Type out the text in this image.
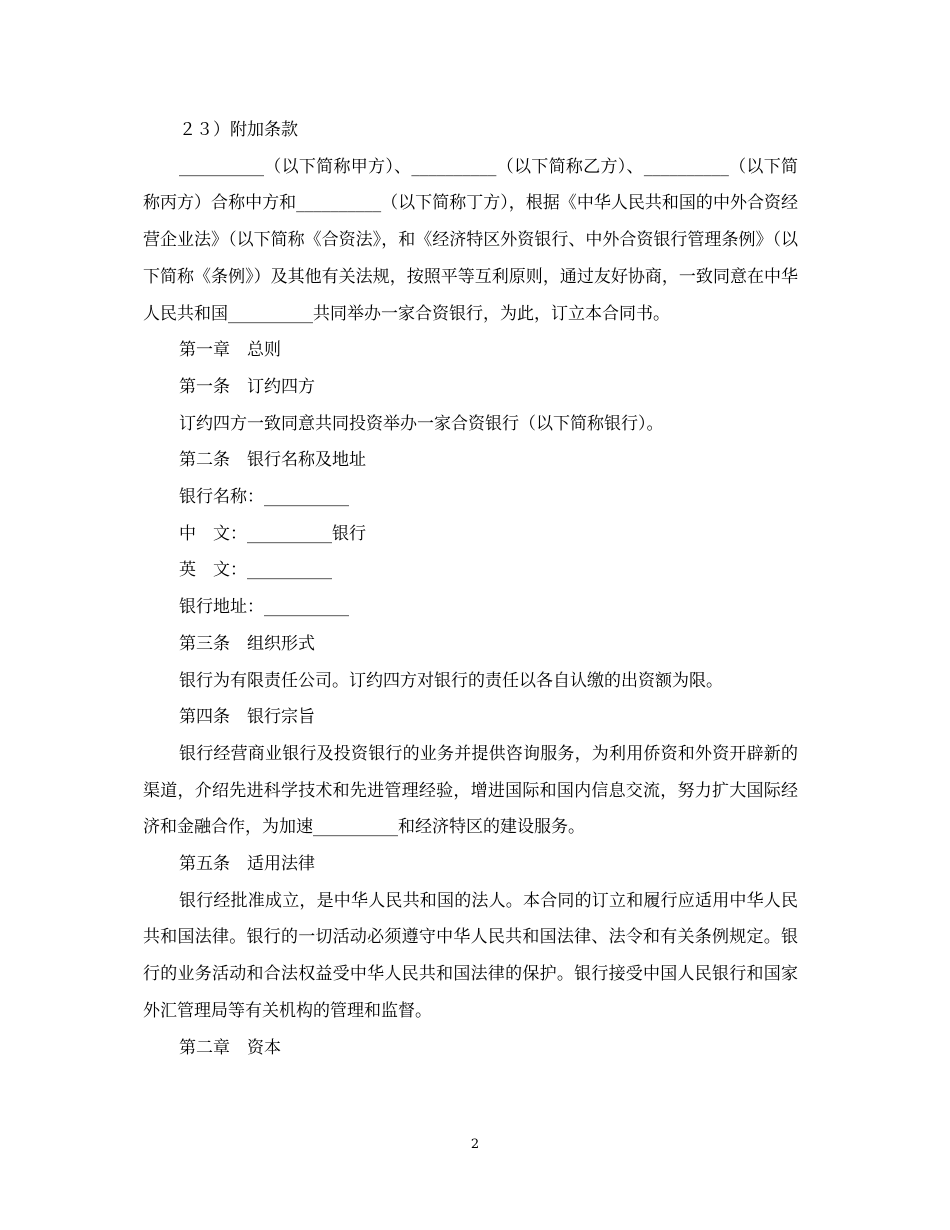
２３）附加条款

__________（以下简称甲方）、__________（以下简称乙方）、__________（以下简称丙方）合称中方和__________（以下简称丁方），根据《中华人民共和国的中外合资经营企业法》（以下简称《合资法》，和《经济特区外资银行、中外合资银行管理条例》（以下简称《条例》）及其他有关法规，按照平等互利原则，通过友好协商，一致同意在中华人民共和国__________共同举办一家合资银行，为此，订立本合同书。

第一章　总则

第一条　订约四方

订约四方一致同意共同投资举办一家合资银行（以下简称银行）。

第二条　银行名称及地址

银行名称：__________

中　文：__________银行

英　文：__________

银行地址：__________

第三条　组织形式

银行为有限责任公司。订约四方对银行的责任以各自认缴的出资额为限。

第四条　银行宗旨

银行经营商业银行及投资银行的业务并提供咨询服务，为利用侨资和外资开辟新的渠道，介绍先进科学技术和先进管理经验，增进国际和国内信息交流，努力扩大国际经济和金融合作，为加速__________和经济特区的建设服务。

第五条　适用法律

银行经批准成立，是中华人民共和国的法人。本合同的订立和履行应适用中华人民共和国法律。银行的一切活动必须遵守中华人民共和国法律、法令和有关条例规定。银行的业务活动和合法权益受中华人民共和国法律的保护。银行接受中国人民银行和国家外汇管理局等有关机构的管理和监督。

第二章　资本

2
